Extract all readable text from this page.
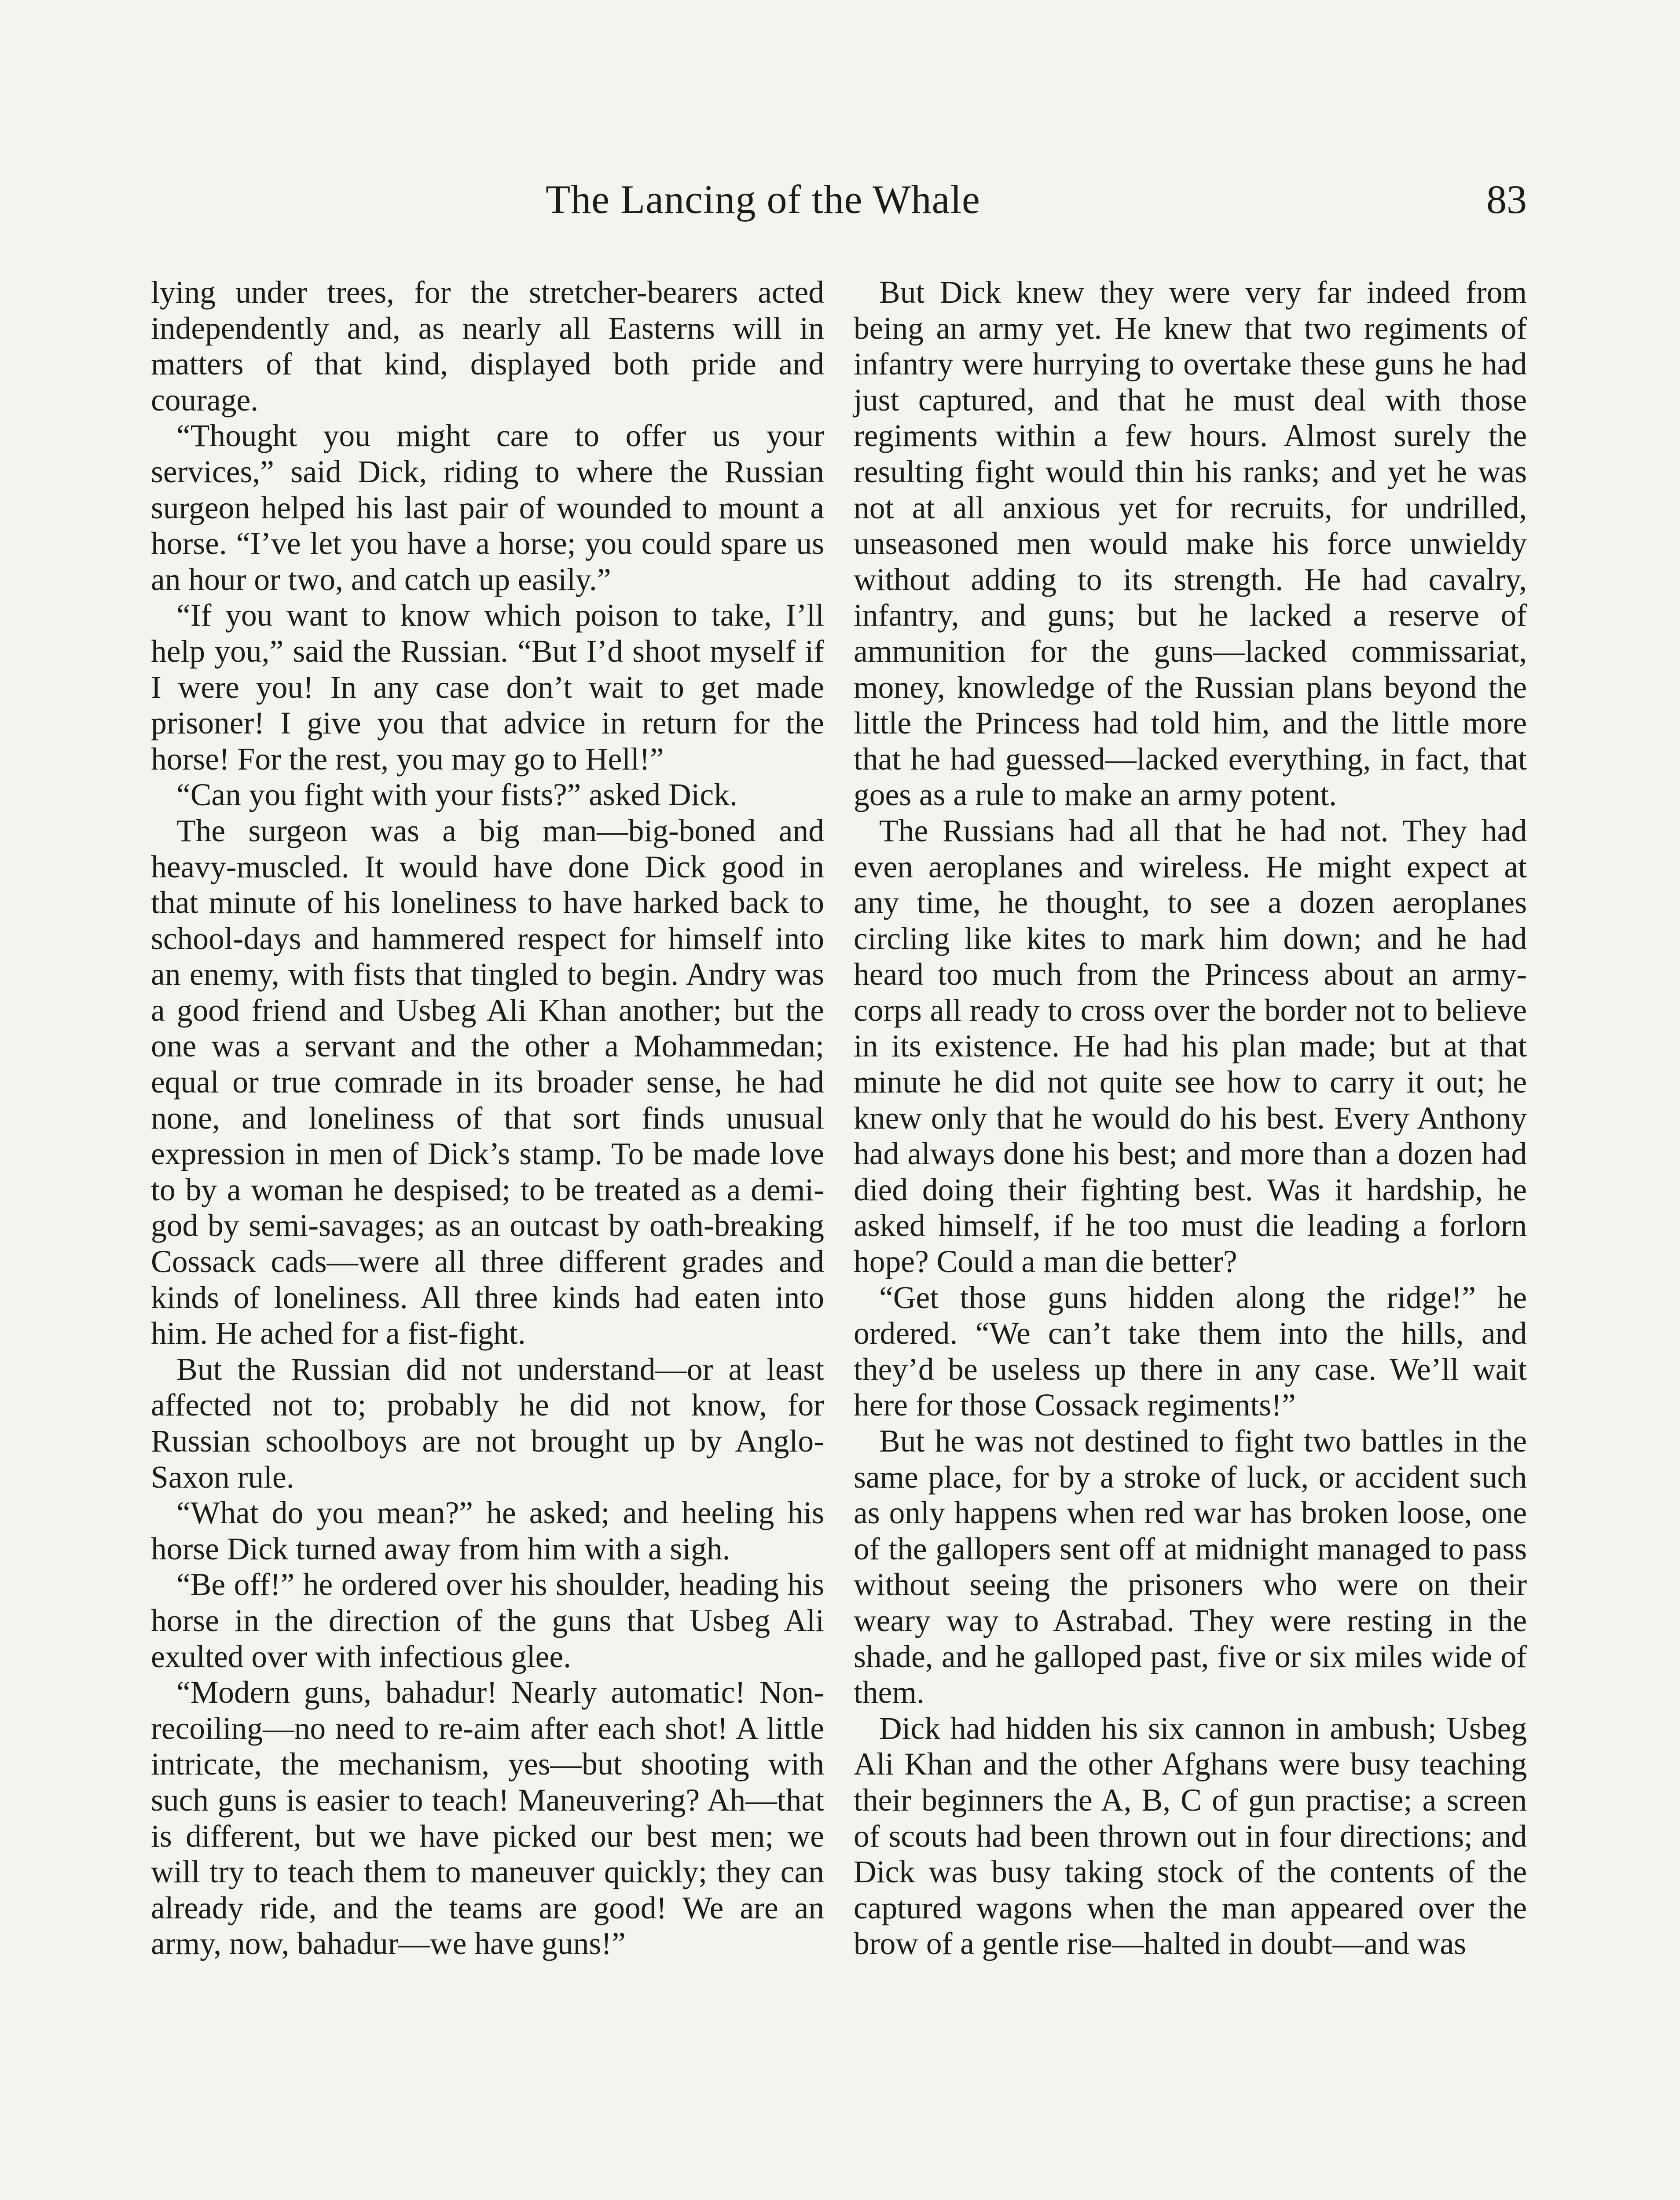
The Lancing of the Whale	83

lying under trees, for the stretcher-bearers acted independently and, as nearly all Easterns will in matters of that kind, displayed both pride and courage.

“Thought you might care to offer us your services,” said Dick, riding to where the Russian surgeon helped his last pair of wounded to mount a horse. “I’ve let you have a horse; you could spare us an hour or two, and catch up easily.”

“If you want to know which poison to take, I’ll help you,” said the Russian. “But I’d shoot myself if I were you! In any case don’t wait to get made prisoner! I give you that advice in return for the horse! For the rest, you may go to Hell!”

“Can you fight with your fists?” asked Dick.

The surgeon was a big man—big-boned and heavy-muscled. It would have done Dick good in that minute of his loneliness to have harked back to school-days and hammered respect for himself into an enemy, with fists that tingled to begin. Andry was a good friend and Usbeg Ali Khan another; but the one was a servant and the other a Mohammedan; equal or true comrade in its broader sense, he had none, and loneliness of that sort finds unusual expression in men of Dick’s stamp. To be made love to by a woman he despised; to be treated as a demi-god by semi-savages; as an outcast by oath-breaking Cossack cads—were all three different grades and kinds of loneliness. All three kinds had eaten into him. He ached for a fist-fight.

But the Russian did not understand—or at least affected not to; probably he did not know, for Russian schoolboys are not brought up by Anglo-Saxon rule.

“What do you mean?” he asked; and heeling his horse Dick turned away from him with a sigh.

“Be off!” he ordered over his shoulder, heading his horse in the direction of the guns that Usbeg Ali exulted over with infectious glee.

“Modern guns, bahadur! Nearly automatic! Non-recoiling—no need to re-aim after each shot! A little intricate, the mechanism, yes—but shooting with such guns is easier to teach! Maneuvering? Ah—that is different, but we have picked our best men; we will try to teach them to maneuver quickly; they can already ride, and the teams are good! We are an army, now, bahadur—we have guns!”

But Dick knew they were very far indeed from being an army yet. He knew that two regiments of infantry were hurrying to overtake these guns he had just captured, and that he must deal with those regiments within a few hours. Almost surely the resulting fight would thin his ranks; and yet he was not at all anxious yet for recruits, for undrilled, unseasoned men would make his force unwieldy without adding to its strength. He had cavalry, infantry, and guns; but he lacked a reserve of ammunition for the guns—lacked commissariat, money, knowledge of the Russian plans beyond the little the Princess had told him, and the little more that he had guessed—lacked everything, in fact, that goes as a rule to make an army potent.

The Russians had all that he had not. They had even aeroplanes and wireless. He might expect at any time, he thought, to see a dozen aeroplanes circling like kites to mark him down; and he had heard too much from the Princess about an army-corps all ready to cross over the border not to believe in its existence. He had his plan made; but at that minute he did not quite see how to carry it out; he knew only that he would do his best. Every Anthony had always done his best; and more than a dozen had died doing their fighting best. Was it hardship, he asked himself, if he too must die leading a forlorn hope? Could a man die better?

“Get those guns hidden along the ridge!” he ordered. “We can’t take them into the hills, and they’d be useless up there in any case. We’ll wait here for those Cossack regiments!”

But he was not destined to fight two battles in the same place, for by a stroke of luck, or accident such as only happens when red war has broken loose, one of the gallopers sent off at midnight managed to pass without seeing the prisoners who were on their weary way to Astrabad. They were resting in the shade, and he galloped past, five or six miles wide of them.

Dick had hidden his six cannon in ambush; Usbeg Ali Khan and the other Afghans were busy teaching their beginners the A, B, C of gun practise; a screen of scouts had been thrown out in four directions; and Dick was busy taking stock of the contents of the captured wagons when the man appeared over the brow of a gentle rise—halted in doubt—and was
